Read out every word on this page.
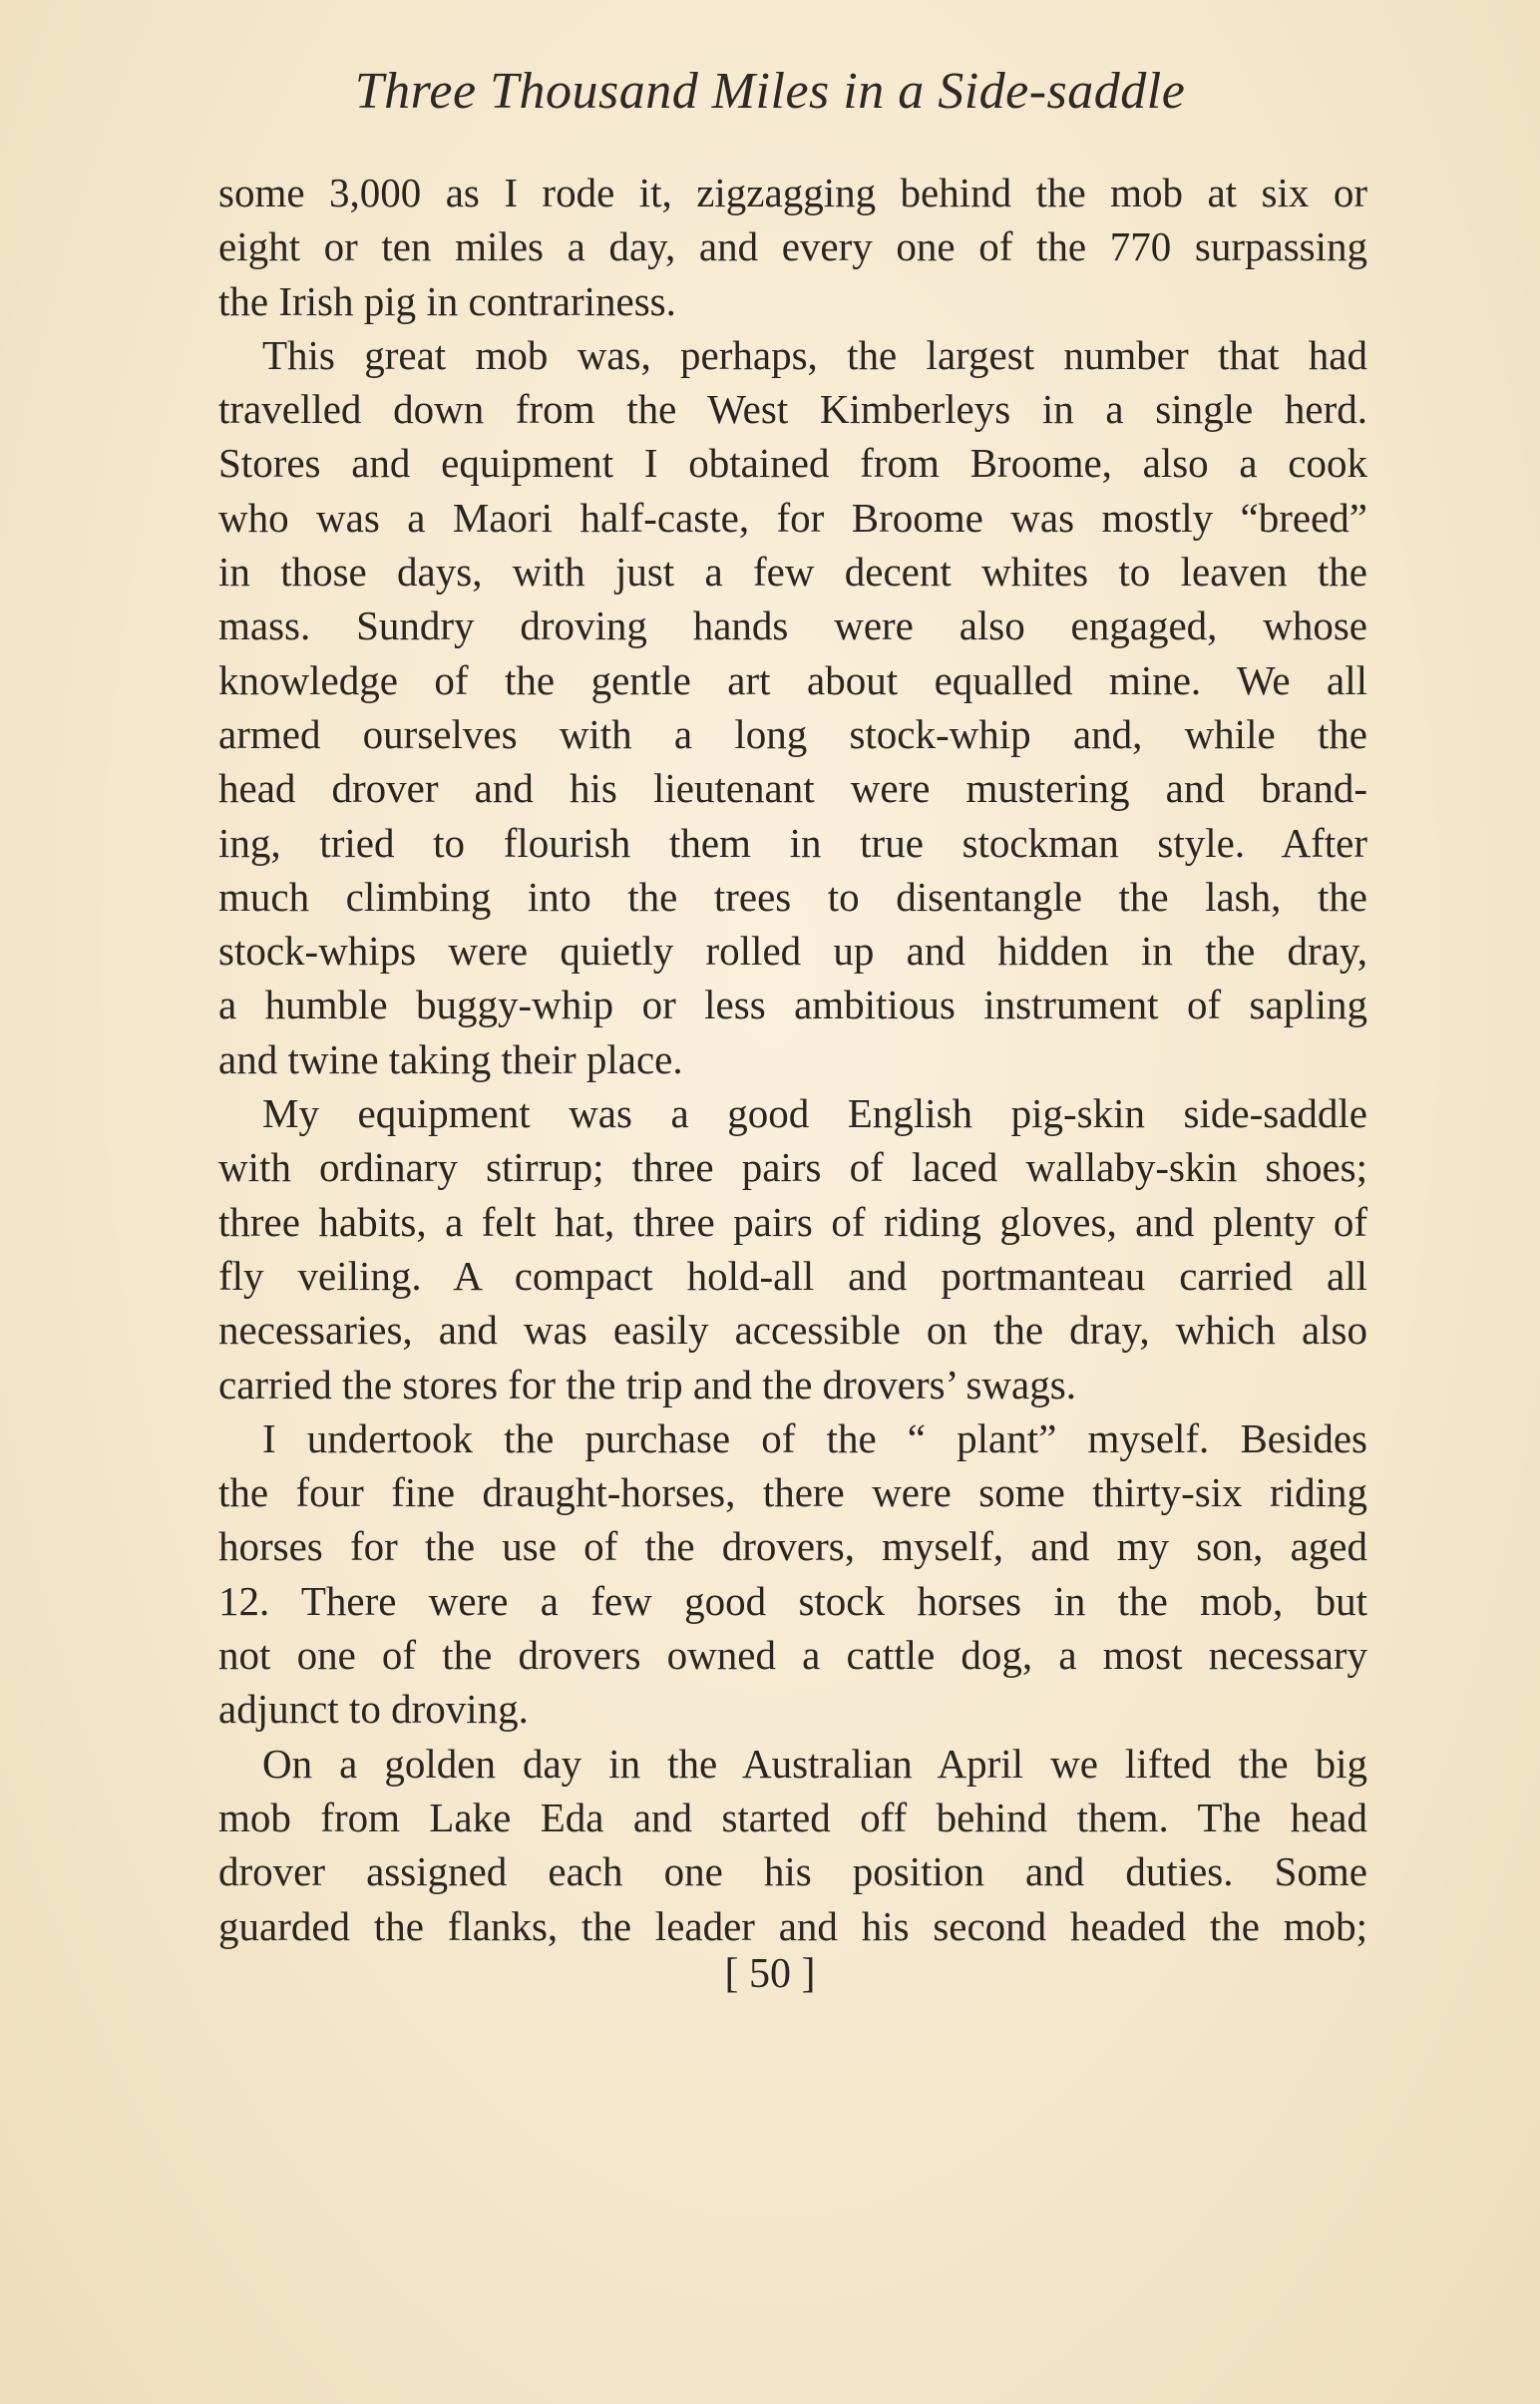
Three Thousand Miles in a Side-saddle
some 3,000 as I rode it, zigzagging behind the mob at six or
eight or ten miles a day, and every one of the 770 surpassing
the Irish pig in contrariness.
This great mob was, perhaps, the largest number that had
travelled down from the West Kimberleys in a single herd.
Stores and equipment I obtained from Broome, also a cook
who was a Maori half-caste, for Broome was mostly “breed”
in those days, with just a few decent whites to leaven the
mass. Sundry droving hands were also engaged, whose
knowledge of the gentle art about equalled mine. We all
armed ourselves with a long stock-whip and, while the
head drover and his lieutenant were mustering and brand-
ing, tried to flourish them in true stockman style. After
much climbing into the trees to disentangle the lash, the
stock-whips were quietly rolled up and hidden in the dray,
a humble buggy-whip or less ambitious instrument of sapling
and twine taking their place.
My equipment was a good English pig-skin side-saddle
with ordinary stirrup; three pairs of laced wallaby-skin shoes;
three habits, a felt hat, three pairs of riding gloves, and plenty of
fly veiling. A compact hold-all and portmanteau carried all
necessaries, and was easily accessible on the dray, which also
carried the stores for the trip and the drovers’ swags.
I undertook the purchase of the “ plant” myself. Besides
the four fine draught-horses, there were some thirty-six riding
horses for the use of the drovers, myself, and my son, aged
12. There were a few good stock horses in the mob, but
not one of the drovers owned a cattle dog, a most necessary
adjunct to droving.
On a golden day in the Australian April we lifted the big
mob from Lake Eda and started off behind them. The head
drover assigned each one his position and duties. Some
guarded the flanks, the leader and his second headed the mob;
[ 50 ]
